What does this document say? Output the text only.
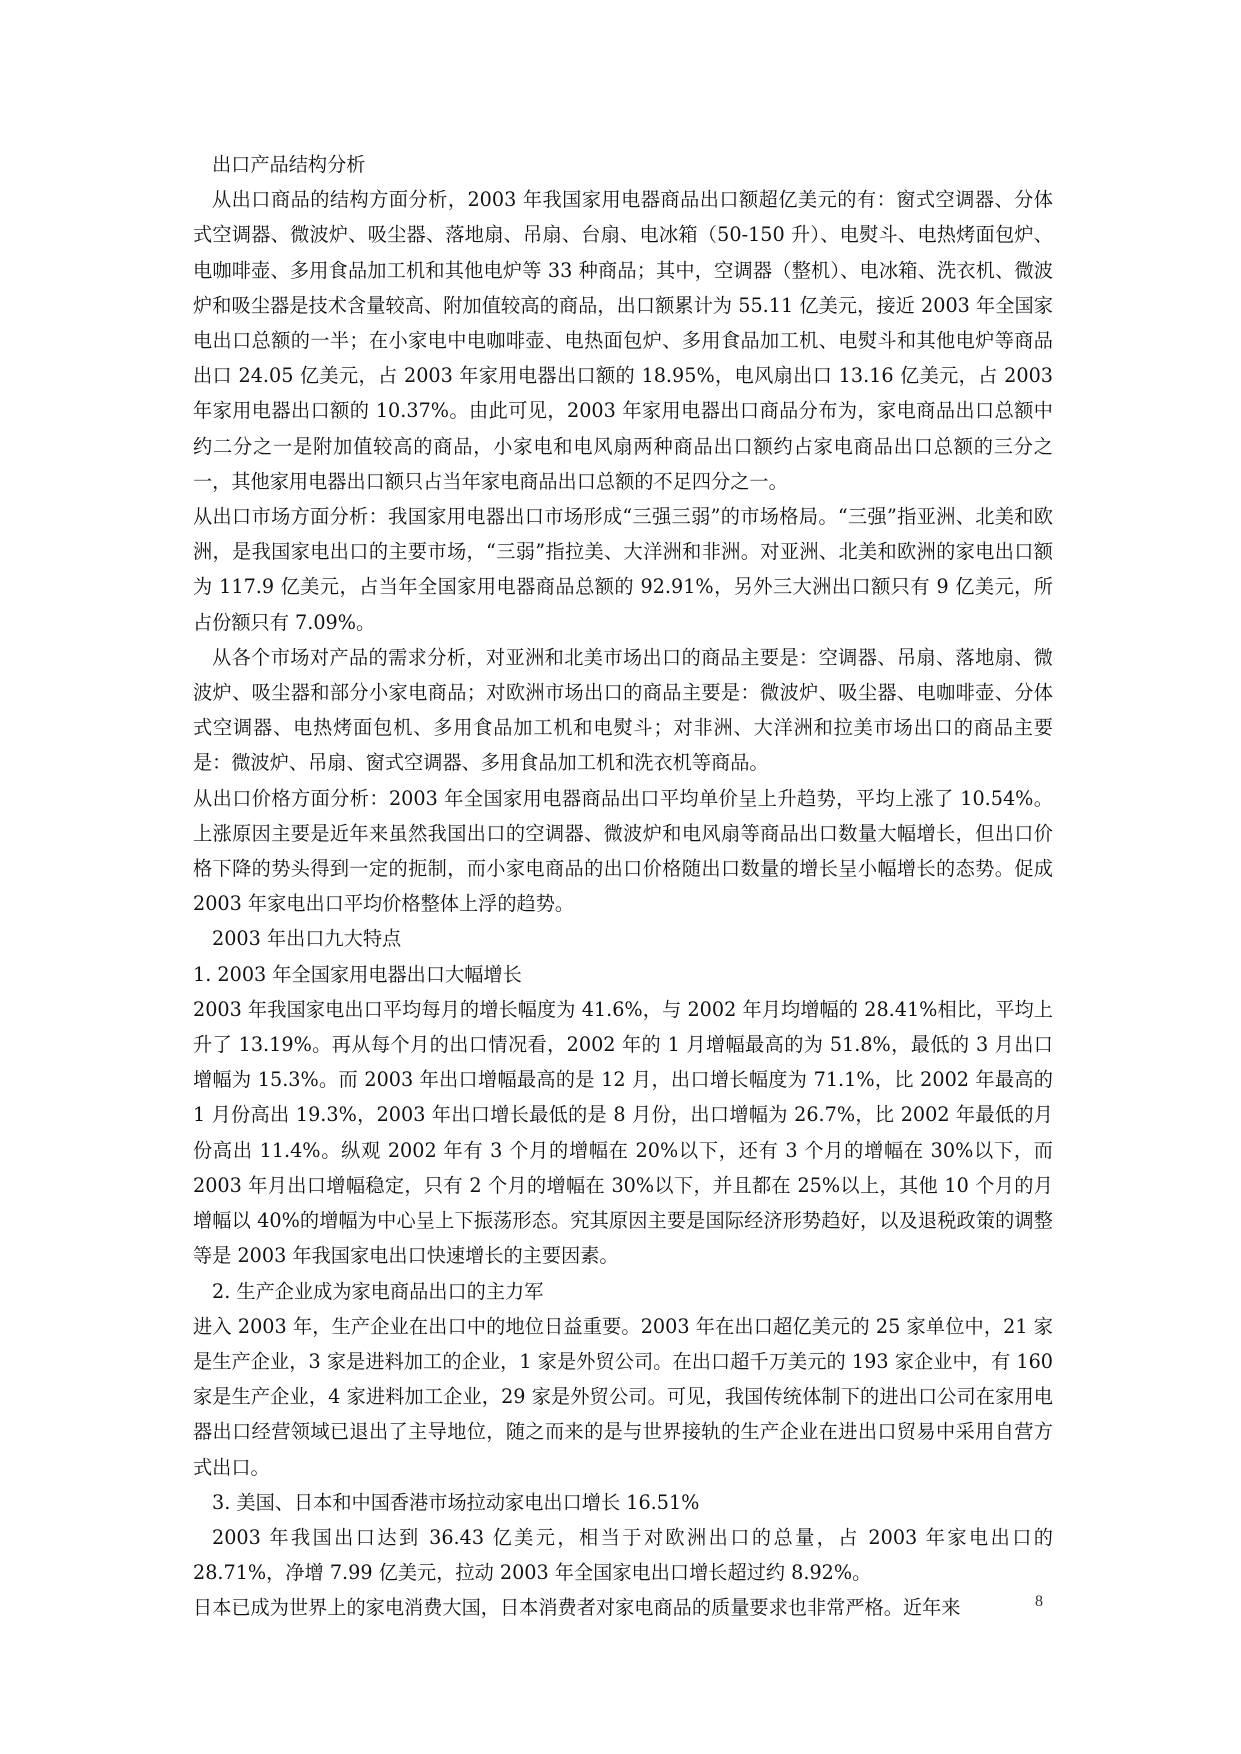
出口产品结构分析

从出口商品的结构方面分析，2003 年我国家用电器商品出口额超亿美元的有：窗式空调器、分体式空调器、微波炉、吸尘器、落地扇、吊扇、台扇、电冰箱（50-150 升）、电熨斗、电热烤面包炉、电咖啡壶、多用食品加工机和其他电炉等 33 种商品；其中，空调器（整机）、电冰箱、洗衣机、微波炉和吸尘器是技术含量较高、附加值较高的商品，出口额累计为 55.11 亿美元，接近 2003 年全国家电出口总额的一半；在小家电中电咖啡壶、电热面包炉、多用食品加工机、电熨斗和其他电炉等商品出口 24.05 亿美元，占 2003 年家用电器出口额的 18.95%，电风扇出口 13.16 亿美元，占 2003 年家用电器出口额的 10.37%。由此可见，2003 年家用电器出口商品分布为，家电商品出口总额中约二分之一是附加值较高的商品，小家电和电风扇两种商品出口额约占家电商品出口总额的三分之一，其他家用电器出口额只占当年家电商品出口总额的不足四分之一。

从出口市场方面分析：我国家用电器出口市场形成“三强三弱”的市场格局。“三强”指亚洲、北美和欧洲，是我国家电出口的主要市场，“三弱”指拉美、大洋洲和非洲。对亚洲、北美和欧洲的家电出口额为 117.9 亿美元，占当年全国家用电器商品总额的 92.91%，另外三大洲出口额只有 9 亿美元，所占份额只有 7.09%。

从各个市场对产品的需求分析，对亚洲和北美市场出口的商品主要是：空调器、吊扇、落地扇、微波炉、吸尘器和部分小家电商品；对欧洲市场出口的商品主要是：微波炉、吸尘器、电咖啡壶、分体式空调器、电热烤面包机、多用食品加工机和电熨斗；对非洲、大洋洲和拉美市场出口的商品主要是：微波炉、吊扇、窗式空调器、多用食品加工机和洗衣机等商品。

从出口价格方面分析：2003 年全国家用电器商品出口平均单价呈上升趋势，平均上涨了 10.54%。上涨原因主要是近年来虽然我国出口的空调器、微波炉和电风扇等商品出口数量大幅增长，但出口价格下降的势头得到一定的扼制，而小家电商品的出口价格随出口数量的增长呈小幅增长的态势。促成 2003 年家电出口平均价格整体上浮的趋势。

2003 年出口九大特点

1. 2003 年全国家用电器出口大幅增长

2003 年我国家电出口平均每月的增长幅度为 41.6%，与 2002 年月均增幅的 28.41%相比，平均上升了 13.19%。再从每个月的出口情况看，2002 年的 1 月增幅最高的为 51.8%，最低的 3 月出口增幅为 15.3%。而 2003 年出口增幅最高的是 12 月，出口增长幅度为 71.1%，比 2002 年最高的 1 月份高出 19.3%，2003 年出口增长最低的是 8 月份，出口增幅为 26.7%，比 2002 年最低的月份高出 11.4%。纵观 2002 年有 3 个月的增幅在 20%以下，还有 3 个月的增幅在 30%以下，而 2003 年月出口增幅稳定，只有 2 个月的增幅在 30%以下，并且都在 25%以上，其他 10 个月的月增幅以 40%的增幅为中心呈上下振荡形态。究其原因主要是国际经济形势趋好，以及退税政策的调整等是 2003 年我国家电出口快速增长的主要因素。

2. 生产企业成为家电商品出口的主力军

进入 2003 年，生产企业在出口中的地位日益重要。2003 年在出口超亿美元的 25 家单位中，21 家是生产企业，3 家是进料加工的企业，1 家是外贸公司。在出口超千万美元的 193 家企业中，有 160 家是生产企业，4 家进料加工企业，29 家是外贸公司。可见，我国传统体制下的进出口公司在家用电器出口经营领域已退出了主导地位，随之而来的是与世界接轨的生产企业在进出口贸易中采用自营方式出口。

3. 美国、日本和中国香港市场拉动家电出口增长 16.51%

2003 年我国出口达到 36.43 亿美元，相当于对欧洲出口的总量，占 2003 年家电出口的 28.71%，净增 7.99 亿美元，拉动 2003 年全国家电出口增长超过约 8.92%。

日本已成为世界上的家电消费大国，日本消费者对家电商品的质量要求也非常严格。近年来	8
